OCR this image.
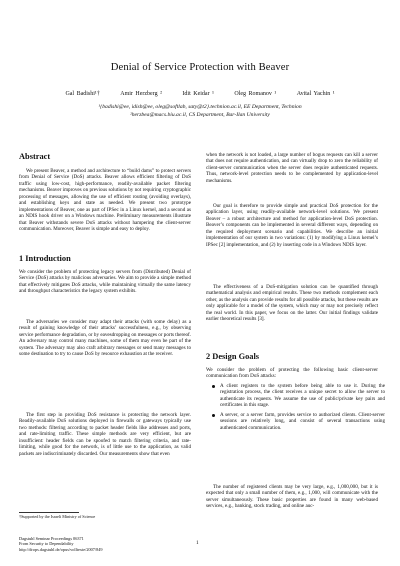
Denial of Service Protection with Beaver
Gal Badishi¹†	Amir Herzberg ²	Idit Keidar ¹	Oleg Romanov ¹	Avital Yachin ¹
¹{badishi@ee, idish@ee, oleg@softlab, saty@t2}.technion.ac.il, EE Department, Technion
²herzbea@macs.biu.ac.il, CS Department, Bar-Ilan University
Abstract
We present Beaver, a method and architecture to “build dams” to protect servers from Denial of Service (DoS) attacks. Beaver allows efficient filtering of DoS traffic using low-cost, high-performance, readily-available packet filtering mechanisms. Beaver improves on previous solutions by not requiring cryptographic processing of messages, allowing the use of efficient routing (avoiding overlays), and establishing keys and state as needed. We present two prototype implementations of Beaver, one as part of IPSec in a Linux kernel, and a second as an NDIS hook driver on a Windows machine. Preliminary measurements illustrate that Beaver withstands severe DoS attacks without hampering the client-server communication. Moreover, Beaver is simple and easy to deploy.
1 Introduction
We consider the problem of protecting legacy servers from (Distributed) Denial of Service (DoS) attacks by malicious adversaries. We aim to provide a simple method that effectively mitigates DoS attacks, while maintaining virtually the same latency and throughput characteristics the legacy system exhibits.
The adversaries we consider may adapt their attacks (with some delay) as a result of gaining knowledge of their attacks’ successfulness, e.g., by observing service performance degradation, or by eavesdropping on messages or ports thereof. An adversary may control many machines, some of them may even be part of the system. The adversary may also craft arbitrary messages or send many messages to some destination to try to cause DoS by resource exhaustion at the receiver.
The first step in providing DoS resistance is protecting the network layer. Readily-available DoS solutions deployed in firewalls or gateways typically use two methods: filtering according to packet header fields like addresses and ports, and rate-limiting traffic. These simple methods are very efficient, but are insufficient: header fields can be spoofed to match filtering criteria, and rate-limiting, while good for the network, is of little use to the application, as valid packets are indiscriminately discarded. Our measurements show that even
†Supported by the Israeli Ministry of Science
when the network is not loaded, a large number of bogus requests can kill a server that does not require authentication, and can virtually drop to zero the reliability of client-server communication when the server does require authenticated requests. Thus, network-level protection needs to be complemented by application-level mechanisms.
Our goal is therefore to provide simple and practical DoS protection for the application layer, using readily-available network-level solutions. We present Beaver – a robust architecture and method for application-level DoS protection. Beaver’s components can be implemented in several different ways, depending on the required deployment scenario and capabilities. We describe an initial implementation of our system in two variations: (1) by modifying a Linux kernel’s IPSec [2] implementation, and (2) by inserting code in a Windows NDIS layer.
The effectiveness of a DoS-mitigation solution can be quantified through mathematical analysis and empirical results. These two methods complement each other, as the analysis can provide results for all possible attacks, but these results are only applicable for a model of the system, which may or may not precisely reflect the real world. In this paper, we focus on the latter. Our initial findings validate earlier theoretical results [3].
2 Design Goals
We consider the problem of protecting the following basic client-server communication from DoS attacks:
A client registers to the system before being able to use it. During the registration process, the client receives a unique secret to allow the server to authenticate its requests. We assume the use of public/private key pairs and certificates in this stage.
A server, or a server farm, provides service to authorized clients. Client-server sessions are relatively long, and consist of several transactions using authenticated communication.
The number of registered clients may be very large, e.g., 1,000,000, but it is expected that only a small number of them, e.g., 1,000, will communicate with the server simultaneously. These basic properties are found in many web-based services, e.g., banking, stock trading, and online auc-
Dagstuhl Seminar Proceedings 06371
From Security to Dependability
http://drops.dagstuhl.de/opus/volltexte/2007/849
1
